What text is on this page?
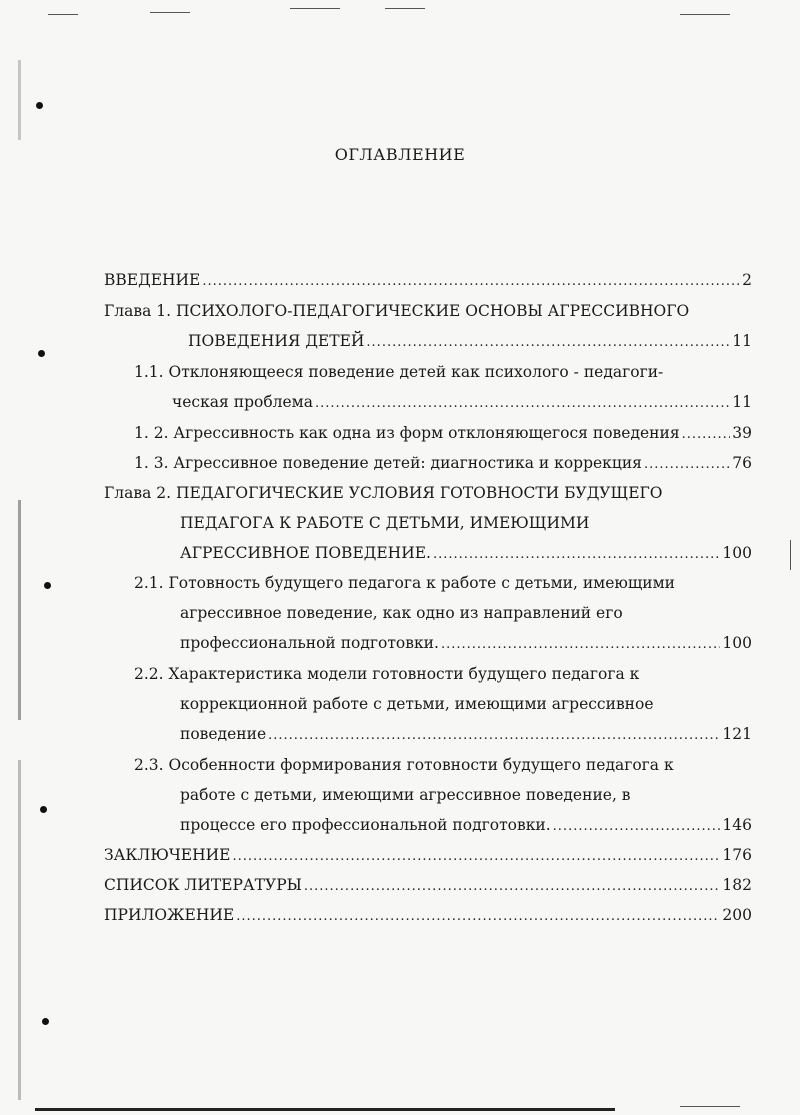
ОГЛАВЛЕНИЕ
ВВЕДЕНИЕ .....	2
Глава 1. ПСИХОЛОГО-ПЕДАГОГИЧЕСКИЕ ОСНОВЫ АГРЕССИВНОГО
ПОВЕДЕНИЯ ДЕТЕЙ .....	11
1.1. Отклоняющееся поведение детей как психолого - педагоги-
ческая проблема .....	11
1. 2. Агрессивность как одна из форм отклоняющегося поведения .....	39
1. 3. Агрессивное поведение детей: диагностика и коррекция .....	76
Глава 2. ПЕДАГОГИЧЕСКИЕ УСЛОВИЯ ГОТОВНОСТИ БУДУЩЕГО
ПЕДАГОГА К РАБОТЕ С ДЕТЬМИ, ИМЕЮЩИМИ
АГРЕССИВНОЕ ПОВЕДЕНИЕ. .....	100
2.1. Готовность будущего педагога к работе с детьми, имеющими
агрессивное поведение, как одно из направлений его
профессиональной подготовки. .....	100
2.2. Характеристика модели готовности будущего педагога к
коррекционной работе с детьми, имеющими агрессивное
поведение .....	121
2.3. Особенности формирования готовности будущего педагога к
работе с детьми, имеющими агрессивное поведение, в
процессе его профессиональной подготовки. .....	146
ЗАКЛЮЧЕНИЕ .....	176
СПИСОК ЛИТЕРАТУРЫ .....	182
ПРИЛОЖЕНИЕ .....	200
